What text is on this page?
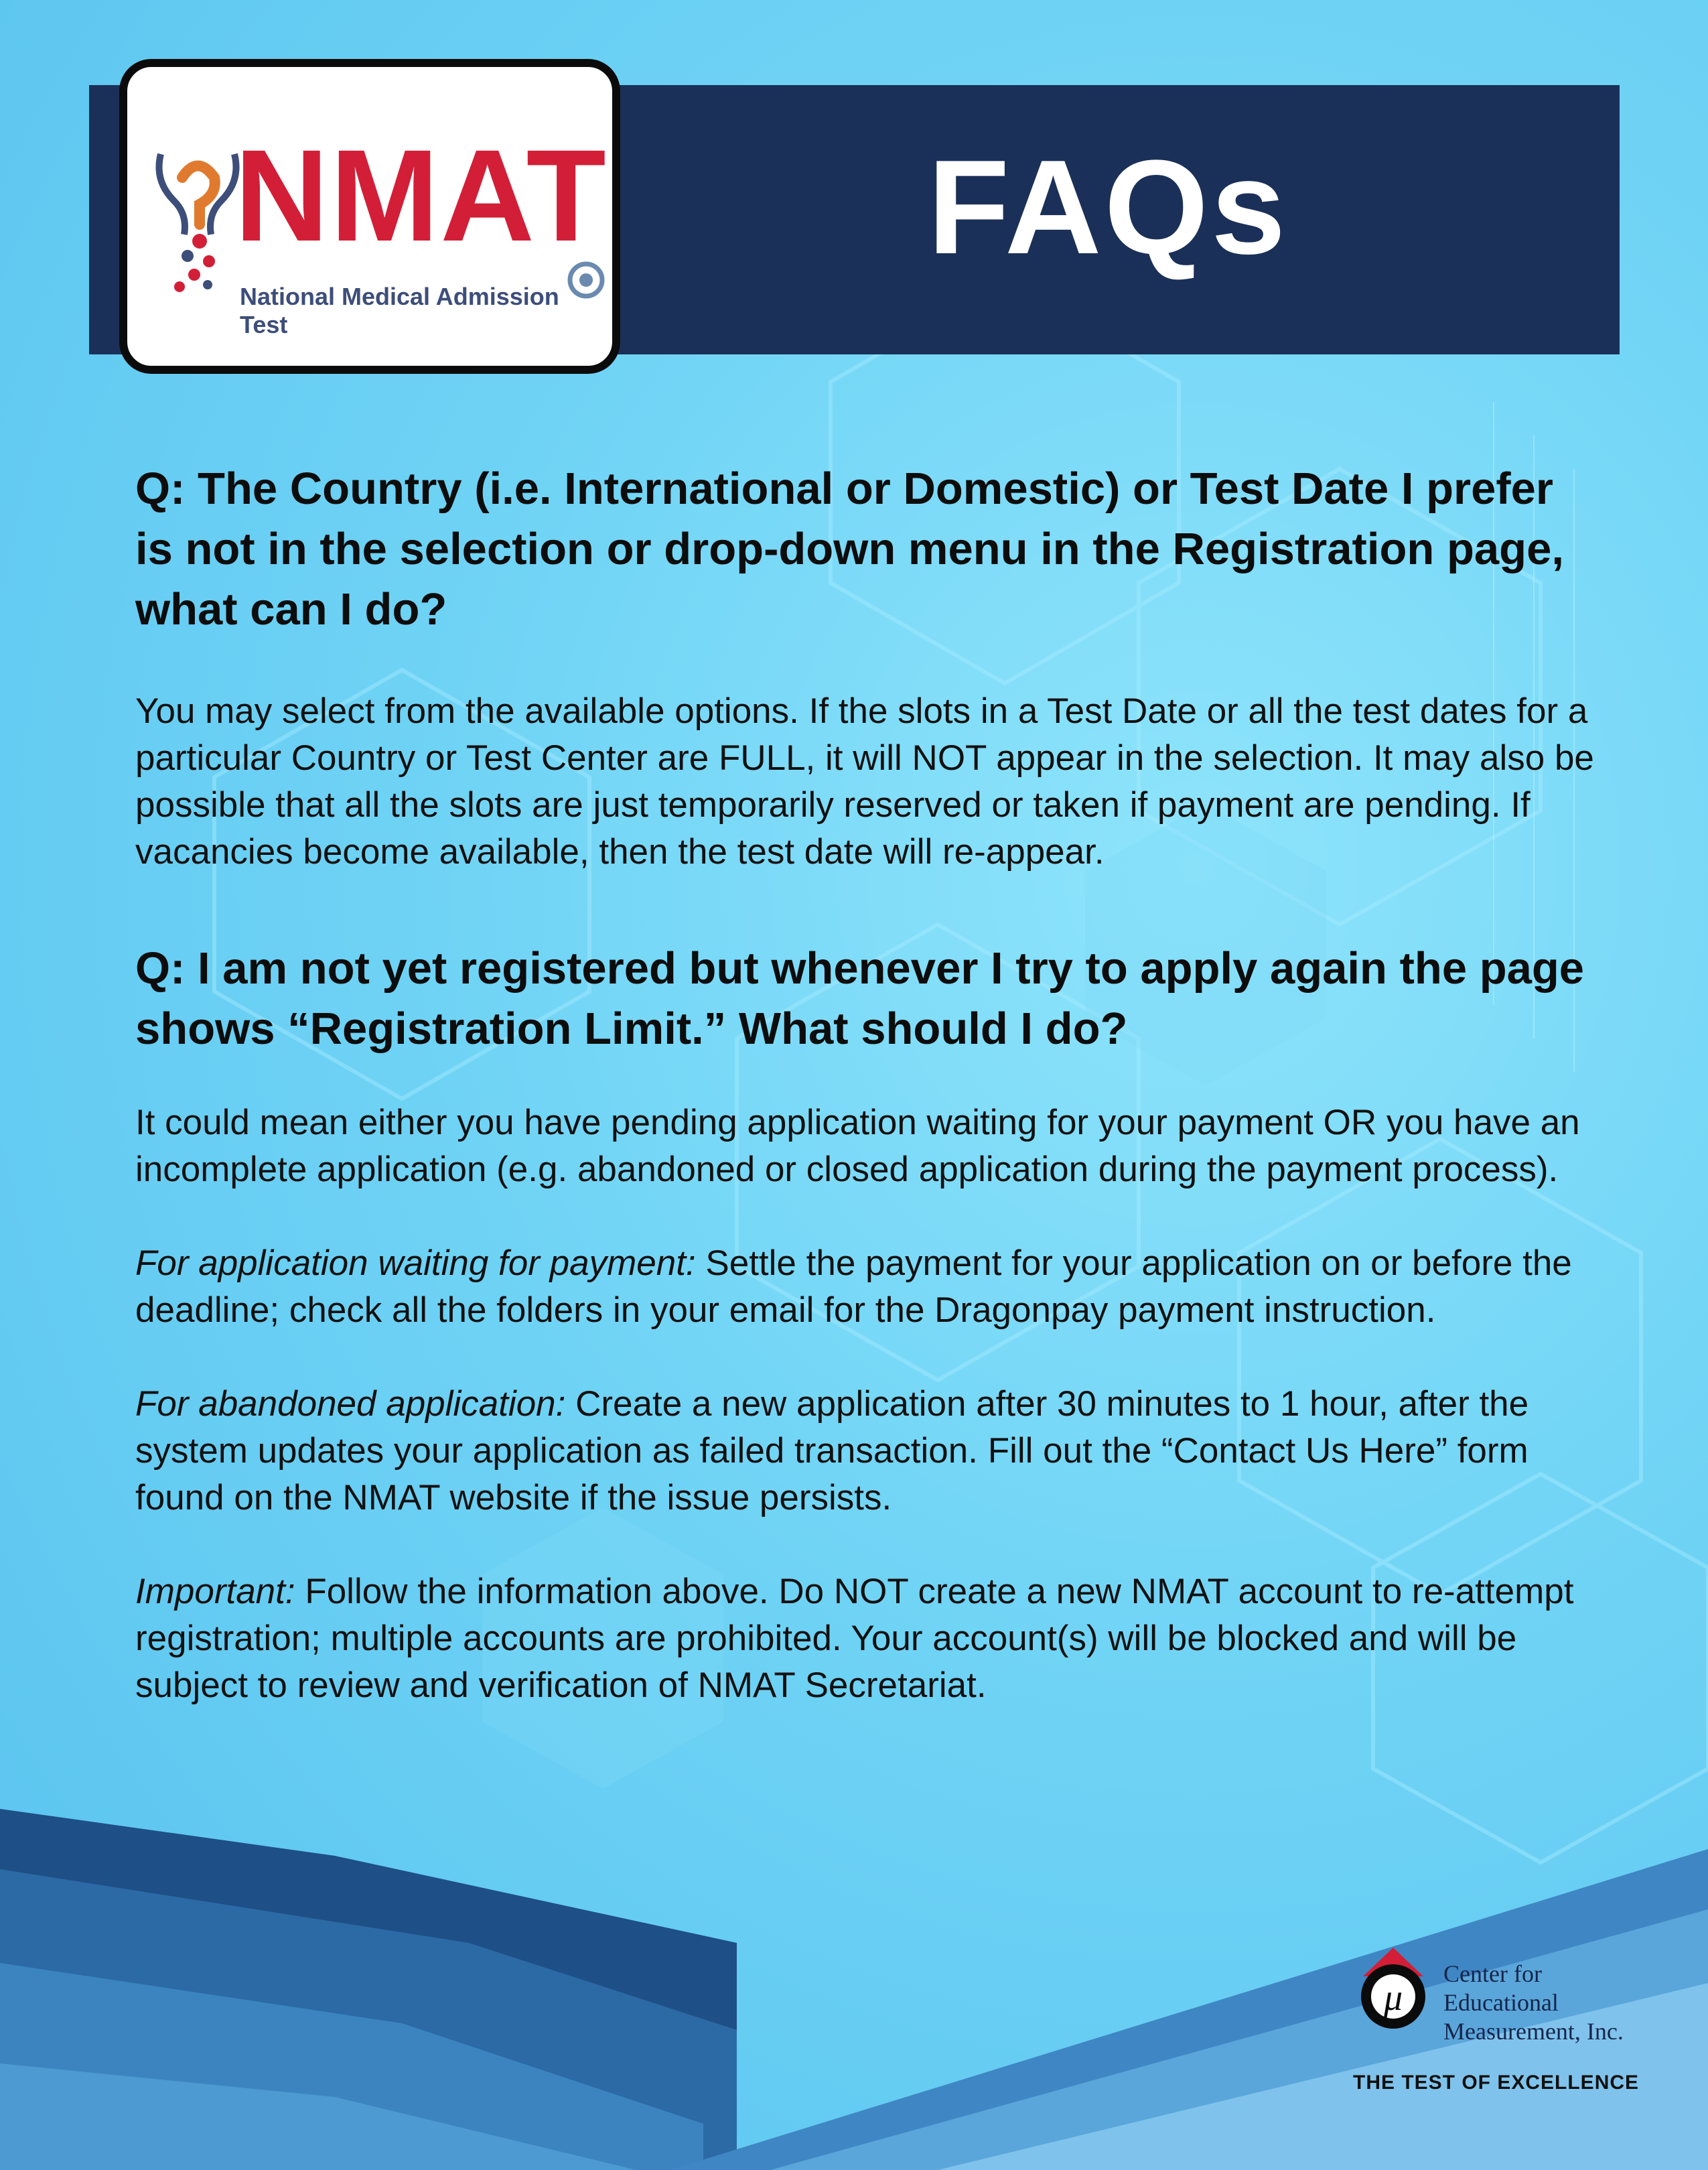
FAQs
NMAT
National Medical Admission Test

Q: The Country (i.e. International or Domestic) or Test Date I prefer is not in the selection or drop-down menu in the Registration page, what can I do?

You may select from the available options. If the slots in a Test Date or all the test dates for a particular Country or Test Center are FULL, it will NOT appear in the selection. It may also be possible that all the slots are just temporarily reserved or taken if payment are pending. If vacancies become available, then the test date will re-appear.

Q: I am not yet registered but whenever I try to apply again the page shows “Registration Limit.” What should I do?

It could mean either you have pending application waiting for your payment OR you have an incomplete application (e.g. abandoned or closed application during the payment process).

For application waiting for payment: Settle the payment for your application on or before the deadline; check all the folders in your email for the Dragonpay payment instruction.

For abandoned application: Create a new application after 30 minutes to 1 hour, after the system updates your application as failed transaction. Fill out the “Contact Us Here” form found on the NMAT website if the issue persists.

Important: Follow the information above. Do NOT create a new NMAT account to re-attempt registration; multiple accounts are prohibited. Your account(s) will be blocked and will be subject to review and verification of NMAT Secretariat.

μ
Center for
Educational
Measurement, Inc.
THE TEST OF EXCELLENCE
